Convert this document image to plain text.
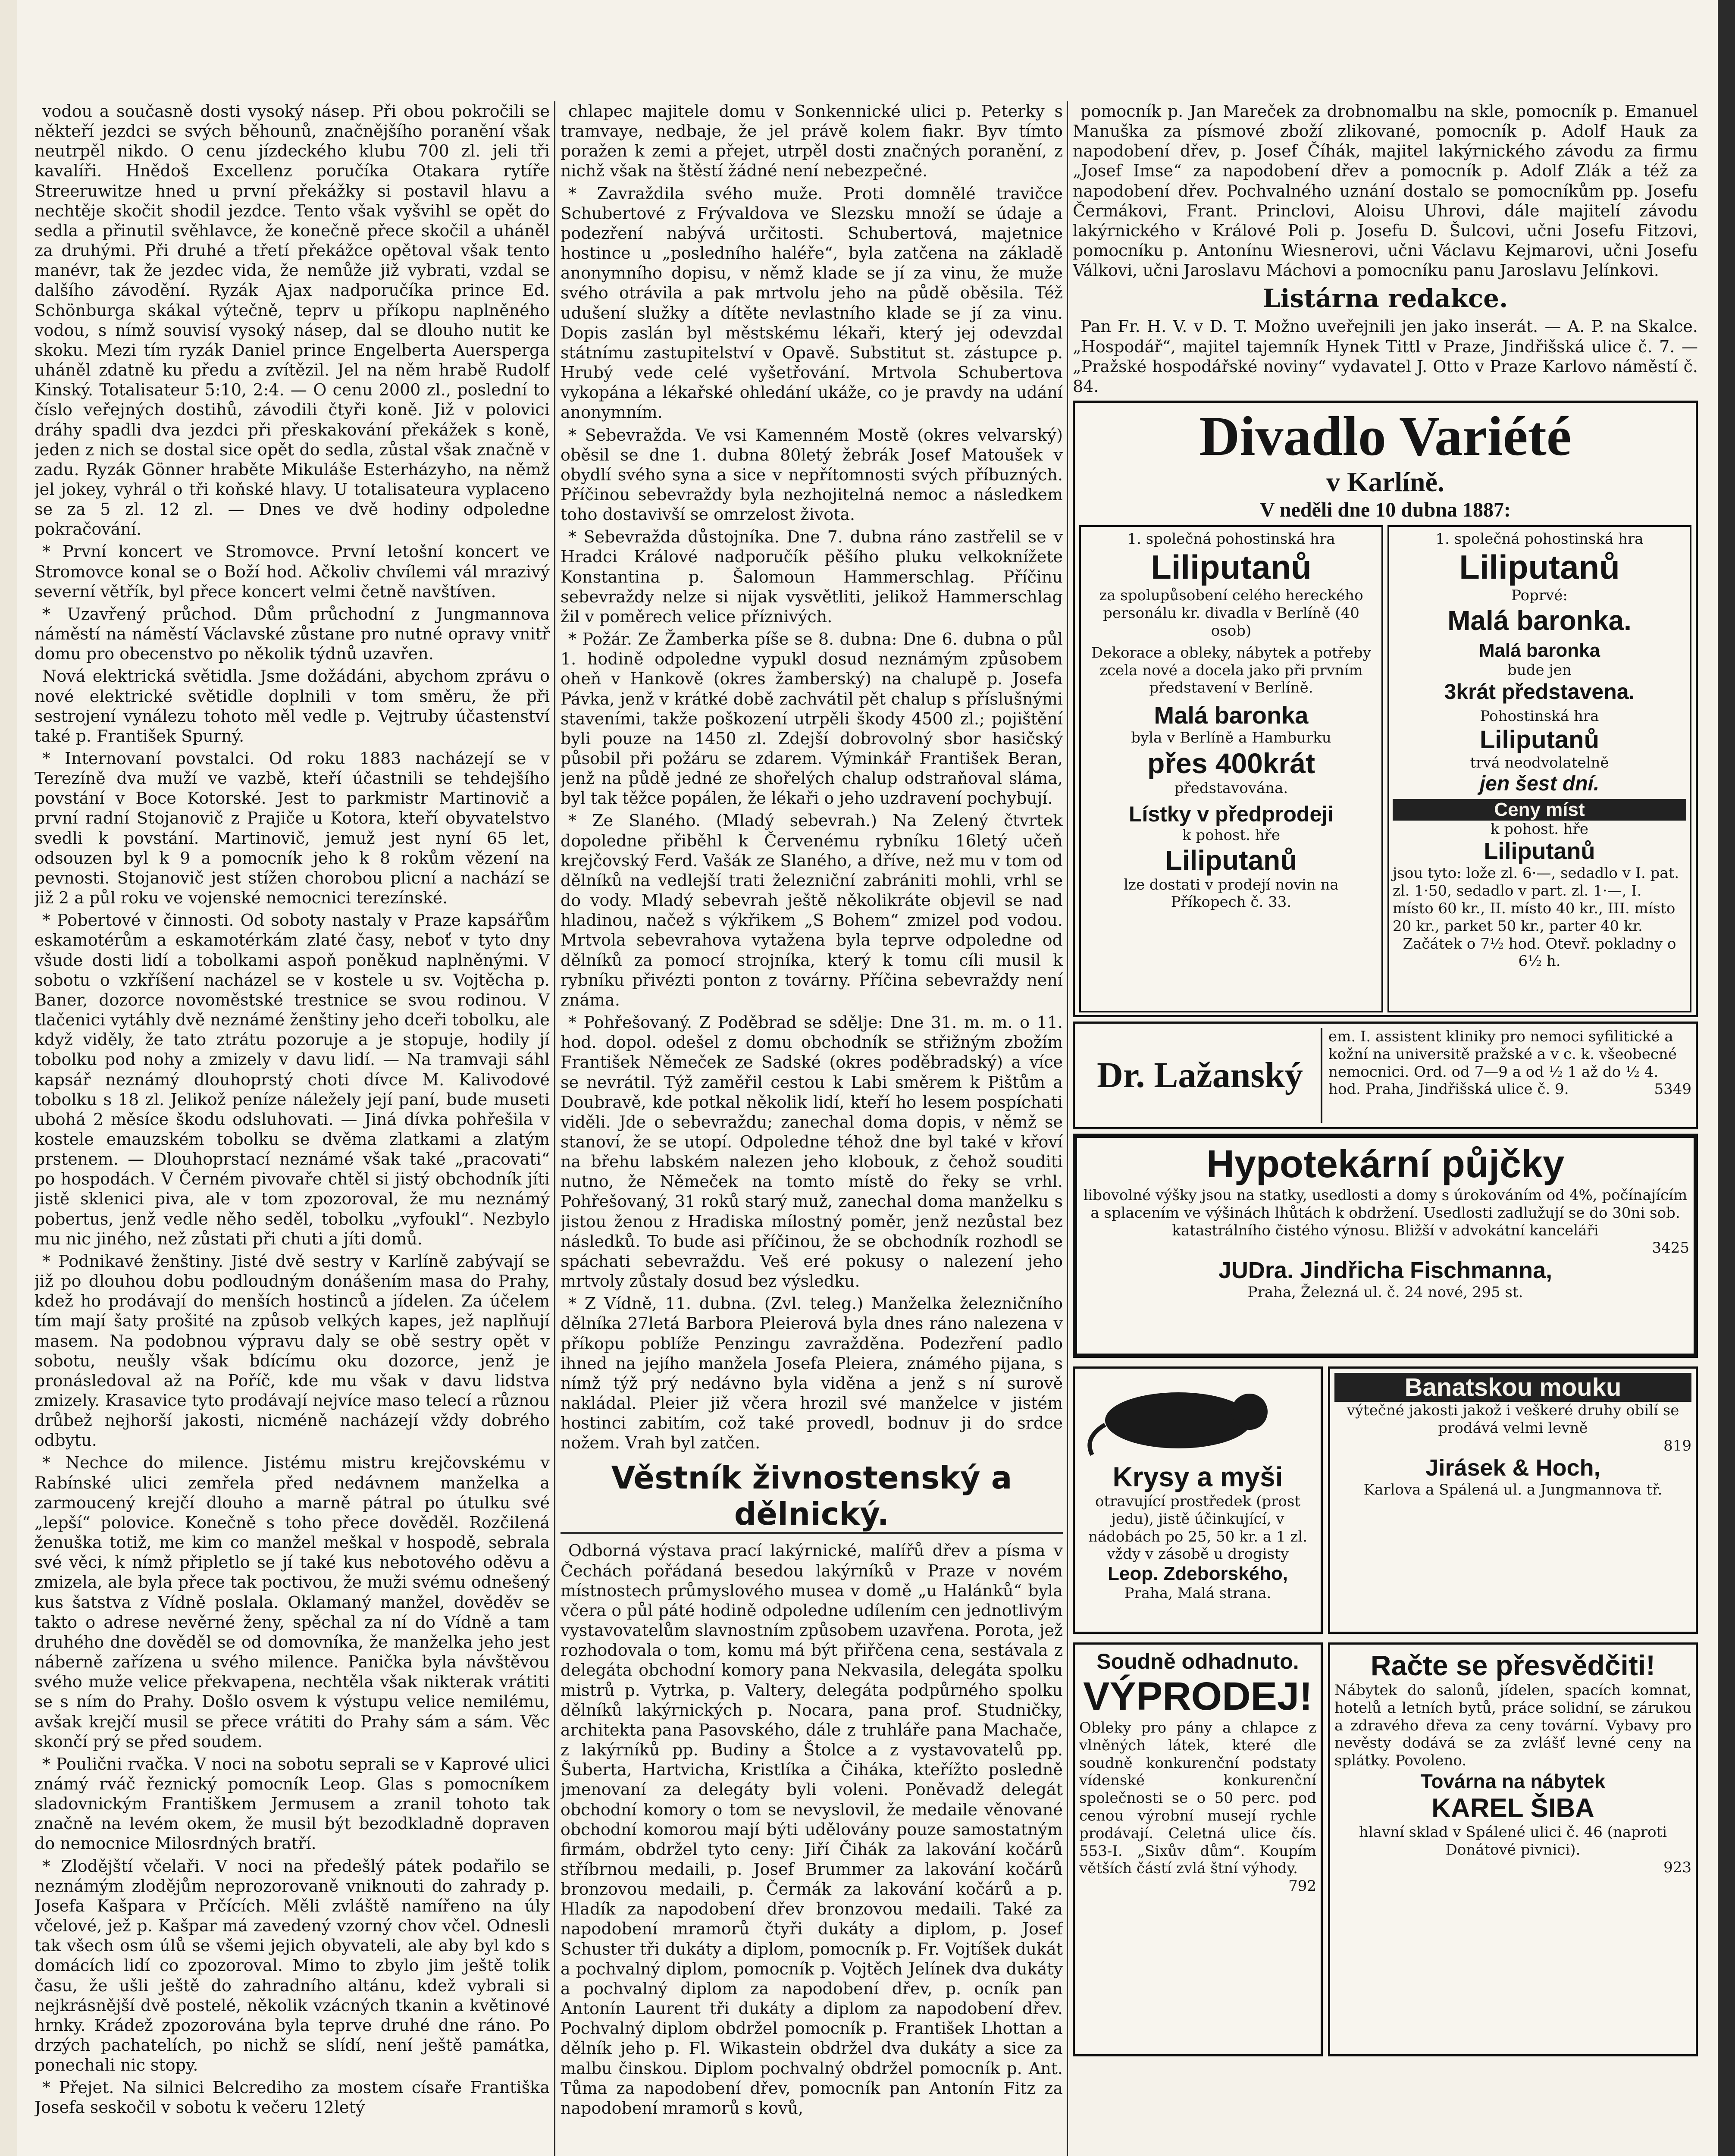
vodou a současně dosti vysoký násep. Při obou pokročili se někteří jezdci se svých běhounů, značnějšího poranění však neutrpěl nikdo. O cenu jízdeckého klubu 700 zl. jeli tři kavalíři. Hnědoš Excellenz poručíka Otakara rytíře Streeruwitze hned u první překážky si postavil hlavu a nechtěje skočit shodil jezdce. Tento však vyšvihl se opět do sedla a přinutil svěhlavce, že konečně přece skočil a uháněl za druhými. Při druhé a třetí překážce opětoval však tento manévr, tak že jezdec vida, že nemůže již vybrati, vzdal se dalšího závodění. Ryzák Ajax nadporučíka prince Ed. Schönburga skákal výtečně, teprv u příkopu naplněného vodou, s nímž souvisí vysoký násep, dal se dlouho nutit ke skoku. Mezi tím ryzák Daniel prince Engelberta Auersperga uháněl zdatně ku předu a zvítězil. Jel na něm hrabě Rudolf Kinský. Totalisateur 5:10, 2:4. — O cenu 2000 zl., poslední to číslo veřejných dostihů, závodili čtyři koně. Již v polovici dráhy spadli dva jezdci při přeskakování překážek s koně, jeden z nich se dostal sice opět do sedla, zůstal však značně v zadu. Ryzák Gönner hraběte Mikuláše Esterházyho, na němž jel jokey, vyhrál o tři koňské hlavy. U totalisateura vyplaceno se za 5 zl. 12 zl. — Dnes ve dvě hodiny odpoledne pokračování.

* První koncert ve Stromovce. První letošní koncert ve Stromovce konal se o Boží hod. Ačkoliv chvílemi vál mrazivý severní větřík, byl přece koncert velmi četně navštíven.

* Uzavřený průchod. Dům průchodní z Jungmannova náměstí na náměstí Václavské zůstane pro nutné opravy vnitř domu pro obecenstvo po několik týdnů uzavřen.

Nová elektrická světidla. Jsme dožádáni, abychom zprávu o nové elektrické světidle doplnili v tom směru, že při sestrojení vynálezu tohoto měl vedle p. Vejtruby účastenství také p. František Spurný.

* Internovaní povstalci. Od roku 1883 nacházejí se v Terezíně dva muží ve vazbě, kteří účastnili se tehdejšího povstání v Boce Kotorské. Jest to parkmistr Martinovič a první radní Stojanovič z Prajiče u Kotora, kteří obyvatelstvo svedli k povstání. Martinovič, jemuž jest nyní 65 let, odsouzen byl k 9 a pomocník jeho k 8 rokům vězení na pevnosti. Stojanovič jest stížen chorobou plicní a nachází se již 2 a půl roku ve vojenské nemocnici terezínské.

* Pobertové v činnosti. Od soboty nastaly v Praze kapsářům eskamotérům a eskamotérkám zlaté časy, neboť v tyto dny všude dosti lidí a tobolkami aspoň poněkud naplněnými. V sobotu o vzkříšení nacházel se v kostele u sv. Vojtěcha p. Baner, dozorce novoměstské trestnice se svou rodinou. V tlačenici vytáhly dvě neznámé ženštiny jeho dceři tobolku, ale když viděly, že tato ztrátu pozoruje a je stopuje, hodily jí tobolku pod nohy a zmizely v davu lidí. — Na tramvaji sáhl kapsář neznámý dlouhoprstý choti dívce M. Kalivodové tobolku s 18 zl. Jelikož peníze náležely její paní, bude museti ubohá 2 měsíce škodu odsluhovati. — Jiná dívka pohřešila v kostele emauzském tobolku se dvěma zlatkami a zlatým prstenem. — Dlouhoprstací neznámé však také „pracovati“ po hospodách. V Černém pivovaře chtěl si jistý obchodník jíti jistě sklenici piva, ale v tom zpozoroval, že mu neznámý pobertus, jenž vedle něho seděl, tobolku „vyfoukl“. Nezbylo mu nic jiného, než zůstati při chuti a jíti domů.

* Podnikavé ženštiny. Jisté dvě sestry v Karlíně zabývají se již po dlouhou dobu podloudným donášením masa do Prahy, kdež ho prodávají do menších hostinců a jídelen. Za účelem tím mají šaty prošité na způsob velkých kapes, jež naplňují masem. Na podobnou výpravu daly se obě sestry opět v sobotu, neušly však bdícímu oku dozorce, jenž je pronásledoval až na Poříč, kde mu však v davu lidstva zmizely. Krasavice tyto prodávají nejvíce maso telecí a různou drůbež nejhorší jakosti, nicméně nacházejí vždy dobrého odbytu.

* Nechce do milence. Jistému mistru krejčovskému v Rabínské ulici zemřela před nedávnem manželka a zarmoucený krejčí dlouho a marně pátral po útulku své „lepší“ polovice. Konečně s toho přece dověděl. Rozčilená ženuška totiž, me kim co manžel meškal v hospodě, sebrala své věci, k nímž připletlo se jí také kus nebotového oděvu a zmizela, ale byla přece tak poctivou, že muži svému odnešený kus šatstva z Vídně poslala. Oklamaný manžel, dověděv se takto o adrese nevěrné ženy, spěchal za ní do Vídně a tam druhého dne dověděl se od domovníka, že manželka jeho jest náberně zařízena u svého milence. Panička byla návštěvou svého muže velice překvapena, nechtěla však nikterak vrátiti se s ním do Prahy. Došlo osvem k výstupu velice nemilému, avšak krejčí musil se přece vrátiti do Prahy sám a sám. Věc skončí prý se před soudem.

* Poulični rvačka. V noci na sobotu seprali se v Kaprové ulici známý rváč řeznický pomocník Leop. Glas s pomocníkem sladovnickým Františkem Jermusem a zranil tohoto tak značně na levém okem, že musil být bezodkladně dopraven do nemocnice Milosrdných bratří.

* Zlodějští včelaři. V noci na předešlý pátek podařilo se neznámým zlodějům neprozorovaně vniknouti do zahrady p. Josefa Kašpara v Prčících. Měli zvláště namířeno na úly včelové, jež p. Kašpar má zavedený vzorný chov včel. Odnesli tak všech osm úlů se všemi jejich obyvateli, ale aby byl kdo s domácích lidí co zpozoroval. Mimo to zbylo jim ještě tolik času, že ušli ještě do zahradního altánu, kdež vybrali si nejkrásnější dvě postelé, několik vzácných tkanin a květinové hrnky. Krádež zpozorována byla teprve druhé dne ráno. Po drzých pachatelích, po nichž se slídí, není ještě památka, ponechali nic stopy.

* Přejet. Na silnici Belcrediho za mostem císaře Františka Josefa seskočil v sobotu k večeru 12letý

chlapec majitele domu v Sonkennické ulici p. Peterky s tramvaye, nedbaje, že jel právě kolem fiakr. Byv tímto poražen k zemi a přejet, utrpěl dosti značných poranění, z nichž však na štěstí žádné není nebezpečné.

* Zavraždila svého muže. Proti domnělé travičce Schubertové z Frývaldova ve Slezsku množí se údaje a podezření nabývá určitosti. Schubertová, majetnice hostince u „posledního haléře“, byla zatčena na základě anonymního dopisu, v němž klade se jí za vinu, že muže svého otrávila a pak mrtvolu jeho na půdě oběsila. Též udušení služky a dítěte nevlastního klade se jí za vinu. Dopis zaslán byl městskému lékaři, který jej odevzdal státnímu zastupitelství v Opavě. Substitut st. zástupce p. Hrubý vede celé vyšetřování. Mrtvola Schubertova vykopána a lékařské ohledání ukáže, co je pravdy na udání anonymním.

* Sebevražda. Ve vsi Kamenném Mostě (okres velvarský) oběsil se dne 1. dubna 80letý žebrák Josef Matoušek v obydlí svého syna a sice v nepřítomnosti svých příbuzných. Příčinou sebevraždy byla nezhojitelná nemoc a následkem toho dostavivší se omrzelost života.

* Sebevražda důstojníka. Dne 7. dubna ráno zastřelil se v Hradci Králové nadporučík pěšího pluku velkoknížete Konstantina p. Šalomoun Hammerschlag. Příčinu sebevraždy nelze si nijak vysvětliti, jelikož Hammerschlag žil v poměrech velice příznivých.

* Požár. Ze Žamberka píše se 8. dubna: Dne 6. dubna o půl 1. hodině odpoledne vypukl dosud neznámým způsobem oheň v Hankově (okres žamberský) na chalupě p. Josefa Pávka, jenž v krátké době zachvátil pět chalup s příslušnými staveními, takže poškození utrpěli škody 4500 zl.; pojištění byli pouze na 1450 zl. Zdejší dobrovolný sbor hasičský působil při požáru se zdarem. Výminkář František Beran, jenž na půdě jedné ze shořelých chalup odstraňoval sláma, byl tak těžce popálen, že lékaři o jeho uzdravení pochybují.

* Ze Slaného. (Mladý sebevrah.) Na Zelený čtvrtek dopoledne přiběhl k Červenému rybníku 16letý učeň krejčovský Ferd. Vašák ze Slaného, a dříve, než mu v tom od dělníků na vedlejší trati železniční zabrániti mohli, vrhl se do vody. Mladý sebevrah ještě několikráte objevil se nad hladinou, načež s výkřikem „S Bohem“ zmizel pod vodou. Mrtvola sebevrahova vytažena byla teprve odpoledne od dělníků za pomocí strojníka, který k tomu cíli musil k rybníku přivézti ponton z továrny. Příčina sebevraždy není známa.

* Pohřešovaný. Z Poděbrad se sdělje: Dne 31. m. m. o 11. hod. dopol. odešel z domu obchodník se střižným zbožím František Němeček ze Sadské (okres poděbradský) a více se nevrátil. Týž zaměřil cestou k Labi směrem k Pištům a Doubravě, kde potkal několik lidí, kteří ho lesem pospíchati viděli. Jde o sebevraždu; zanechal doma dopis, v němž se stanoví, že se utopí. Odpoledne téhož dne byl také v křoví na břehu labském nalezen jeho klobouk, z čehož souditi nutno, že Němeček na tomto místě do řeky se vrhl. Pohřešovaný, 31 roků starý muž, zanechal doma manželku s jistou ženou z Hradiska mílostný poměr, jenž nezůstal bez následků. To bude asi příčinou, že se obchodník rozhodl se spáchati sebevraždu. Veš eré pokusy o nalezení jeho mrtvoly zůstaly dosud bez výsledku.

* Z Vídně, 11. dubna. (Zvl. teleg.) Manželka železničního dělníka 27letá Barbora Pleierová byla dnes ráno nalezena v příkopu poblíže Penzingu zavražděna. Podezření padlo ihned na jejího manžela Josefa Pleiera, známého pijana, s nímž týž prý nedávno byla viděna a jenž s ní surově nakládal. Pleier již včera hrozil své manželce v jistém hostinci zabitím, což také provedl, bodnuv ji do srdce nožem. Vrah byl zatčen.

Věstník živnostenský a dělnický.

Odborná výstava prací lakýrnické, malířů dřev a písma v Čechách pořádaná besedou lakýrníků v Praze v novém místnostech průmyslového musea v domě „u Halánků“ byla včera o půl páté hodině odpoledne udílením cen jednotlivým vystavovatelům slavnostním způsobem uzavřena. Porota, jež rozhodovala o tom, komu má být přiřčena cena, sestávala z delegáta obchodní komory pana Nekvasila, delegáta spolku mistrů p. Vytrka, p. Valtery, delegáta podpůrného spolku dělníků lakýrnických p. Nocara, pana prof. Studničky, architekta pana Pasovského, dále z truhláře pana Machače, z lakýrníků pp. Budiny a Štolce a z vystavovatelů pp. Šuberta, Hartvicha, Kristlíka a Čiháka, kteřížto posledně jmenovaní za delegáty byli voleni. Poněvadž delegát obchodní komory o tom se nevyslovil, že medaile věnované obchodní komorou mají býti udělovány pouze samostatným firmám, obdržel tyto ceny: Jiří Čihák za lakování kočárů stříbrnou medaili, p. Josef Brummer za lakování kočárů bronzovou medaili, p. Čermák za lakování kočárů a p. Hladík za napodobení dřev bronzovou medaili. Také za napodobení mramorů čtyři dukáty a diplom, p. Josef Schuster tři dukáty a diplom, pomocník p. Fr. Vojtíšek dukát a pochvalný diplom, pomocník p. Vojtěch Jelínek dva dukáty a pochvalný diplom za napodobení dřev, p. ocník pan Antonín Laurent tři dukáty a diplom za napodobení dřev. Pochvalný diplom obdržel pomocník p. František Lhottan a dělník jeho p. Fl. Wikastein obdržel dva dukáty a sice za malbu činskou. Diplom pochvalný obdržel pomocník p. Ant. Tůma za napodobení dřev, pomocník pan Antonín Fitz za napodobení mramorů s kovů,

pomocník p. Jan Mareček za drobnomalbu na skle, pomocník p. Emanuel Manuška za písmové zboží zlikované, pomocník p. Adolf Hauk za napodobení dřev, p. Josef Číhák, majitel lakýrnického závodu za firmu „Josef Imse“ za napodobení dřev a pomocník p. Adolf Zlák a též za napodobení dřev. Pochvalného uznání dostalo se pomocníkům pp. Josefu Čermákovi, Frant. Princlovi, Aloisu Uhrovi, dále majitelí závodu lakýrnického v Králové Poli p. Josefu D. Šulcovi, učni Josefu Fitzovi, pomocníku p. Antonínu Wiesnerovi, učni Václavu Kejmarovi, učni Josefu Válkovi, učni Jaroslavu Máchovi a pomocníku panu Jaroslavu Jelínkovi.

Listárna redakce.

Pan Fr. H. V. v D. T. Možno uveřejnili jen jako inserát. — A. P. na Skalce. „Hospodář“, majitel tajemník Hynek Tittl v Praze, Jindřišská ulice č. 7. — „Pražské hospodářské noviny“ vydavatel J. Otto v Praze Karlovo náměstí č. 84.

Divadlo Variété
v Karlíně.
V neděli dne 10 dubna 1887:
1. společná pohostinská hra
Liliputanů
za spolupůsobení celého hereckého personálu kr. divadla v Berlíně (40 osob)
Dekorace a obleky, nábytek a potřeby zcela nové a docela jako při prvním představení v Berlíně.
Malá baronka
byla v Berlíně a Hamburku
přes 400krát
představována.
Lístky v předprodeji
k pohost. hře
Liliputanů
lze dostati v prodejí novin na Příkopech č. 33.
1. společná pohostinská hra
Liliputanů
Poprvé:
Malá baronka.
Malá baronka
bude jen
3krát představena.
Pohostinská hra
Liliputanů
trvá neodvolatelně
jen šest dní.
Ceny míst
k pohost. hře
Liliputanů
jsou tyto: lože zl. 6·—, sedadlo v I. pat. zl. 1·50, sedadlo v part. zl. 1·—, I. místo 60 kr., II. místo 40 kr., III. místo 20 kr., parket 50 kr., parter 40 kr.
Začátek o 7½ hod. Otevř. pokladny o 6½ h.
Dr. Lažanský
em. I. assistent kliniky pro nemoci syfilitické a kožní na universitě pražské a v c. k. všeobecné nemocnici. Ord. od 7—9 a od ½ 1 až do ½ 4. hod. Praha, Jindřišská ulice č. 9.	5349
Hypotekární půjčky
libovolné výšky jsou na statky, usedlosti a domy s úrokováním od 4%, počínajícím a splacením ve výšinách lhůtách k obdržení. Usedlosti zadlužují se do 30ni sob. katastrálního čistého výnosu. Bližší v advokátní kanceláři
3425
JUDra. Jindřicha Fischmanna,
Praha, Železná ul. č. 24 nové, 295 st.
Krysy a myši
otravující prostředek (prost jedu), jistě účinkující, v nádobách po 25, 50 kr. a 1 zl. vždy v zásobě u drogisty
Leop. Zdeborského,
Praha, Malá strana.
Banatskou mouku
výtečné jakosti jakož i veškeré druhy obilí se prodává velmi levně
819
Jirásek & Hoch,
Karlova a Spálená ul. a Jungmannova tř.
Soudně odhadnuto.
VÝPRODEJ!
Obleky pro pány a chlapce z vlněných látek, které dle soudně konkurenční podstaty vídenské konkurenční společnosti se o 50 perc. pod cenou výrobní musejí rychle prodávají. Celetná ulice čís. 553-I. „Sixův dům“. Koupím větších částí zvlá štní výhody.
792
Račte se přesvědčiti!
Nábytek do salonů, jídelen, spacích komnat, hotelů a letních bytů, práce solidní, se zárukou a zdravého dřeva za ceny tovární. Vybavy pro nevěsty dodává se za zvlášť levné ceny na splátky. Povoleno.
Továrna na nábytek
KAREL ŠIBA
hlavní sklad v Spálené ulici č. 46 (naproti Donátové pivnici).
923
